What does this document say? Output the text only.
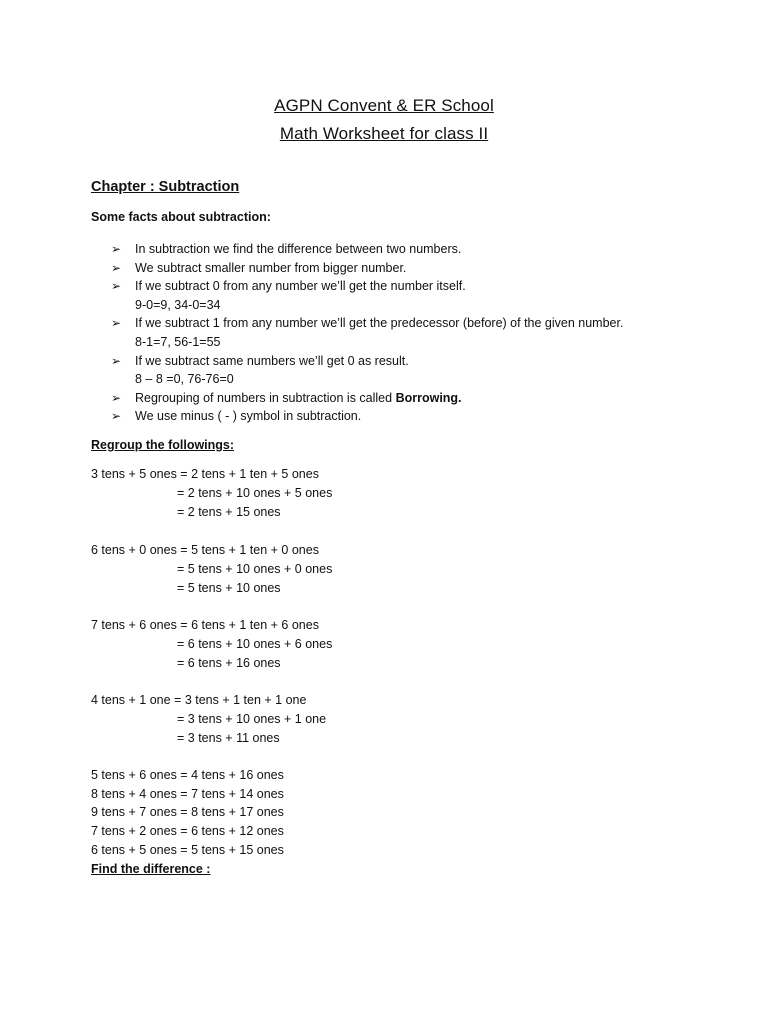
AGPN Convent & ER School
Math Worksheet for class II
Chapter : Subtraction
Some facts about subtraction:
➢ In subtraction we find the difference between two numbers.
➢ We subtract smaller number from bigger number.
➢ If we subtract 0 from any number we’ll get the number itself.
9-0=9, 34-0=34
➢ If we subtract 1 from any number we’ll get the predecessor (before) of the given number.
8-1=7, 56-1=55
➢ If we subtract same numbers we’ll get 0 as result.
8 – 8 =0, 76-76=0
➢ Regrouping of numbers in subtraction is called Borrowing.
➢ We use minus ( - ) symbol in subtraction.
Regroup the followings:
3 tens + 5 ones = 2 tens + 1 ten + 5 ones
= 2 tens + 10 ones + 5 ones
= 2 tens + 15 ones
6 tens + 0 ones = 5 tens + 1 ten + 0 ones
= 5 tens + 10 ones + 0 ones
= 5 tens + 10 ones
7 tens + 6 ones = 6 tens + 1 ten + 6 ones
= 6 tens + 10 ones + 6 ones
= 6 tens + 16 ones
4 tens + 1 one = 3 tens + 1 ten + 1 one
= 3 tens + 10 ones + 1 one
= 3 tens + 11 ones
5 tens + 6 ones = 4 tens + 16 ones
8 tens + 4 ones = 7 tens + 14 ones
9 tens + 7 ones = 8 tens + 17 ones
7 tens + 2 ones = 6 tens + 12 ones
6 tens + 5 ones = 5 tens + 15 ones
Find the difference :
